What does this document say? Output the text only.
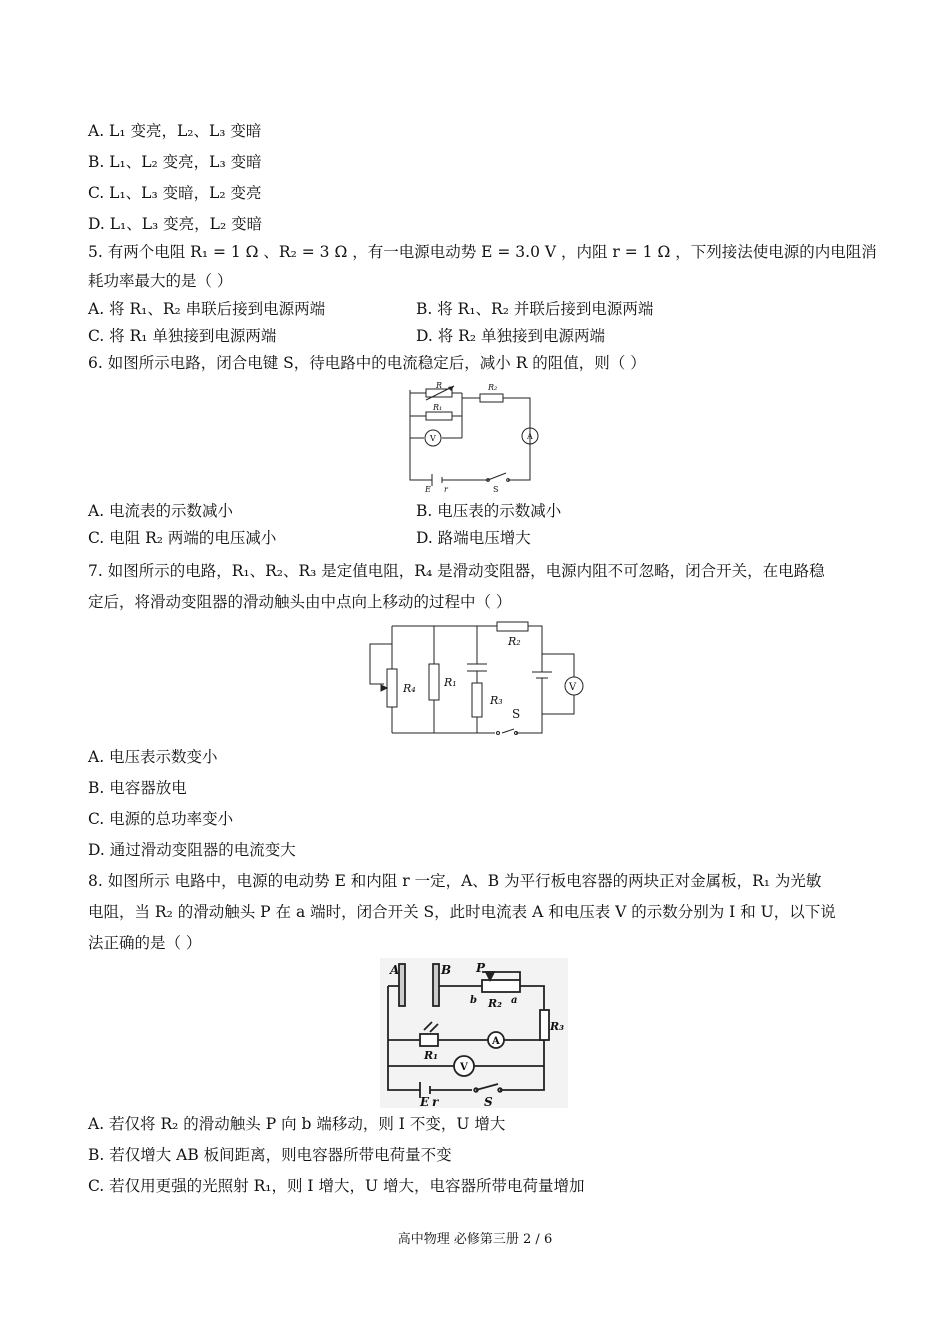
A. L₁ 变亮，L₂、L₃ 变暗
B. L₁、L₂ 变亮，L₃ 变暗
C. L₁、L₃ 变暗，L₂ 变亮
D. L₁、L₃ 变亮，L₂ 变暗
5. 有两个电阻 R₁ = 1 Ω 、R₂ = 3 Ω ，有一电源电动势 E = 3.0 V ，内阻 r = 1 Ω ，下列接法使电源的内电阻消
耗功率最大的是（ ）
A. 将 R₁、R₂ 串联后接到电源两端	B. 将 R₁、R₂ 并联后接到电源两端
C. 将 R₁ 单独接到电源两端	D. 将 R₂ 单独接到电源两端
6. 如图所示电路，闭合电键 S，待电路中的电流稳定后，减小 R 的阻值，则（ ）
R
R₁
R₂
E r
V	A
S
A. 电流表的示数减小	B. 电压表的示数减小
C. 电阻 R₂ 两端的电压减小	D. 路端电压增大
7. 如图所示的电路，R₁、R₂、R₃ 是定值电阻，R₄ 是滑动变阻器，电源内阻不可忽略，闭合开关，在电路稳
定后，将滑动变阻器的滑动触头由中点向上移动的过程中（ ）
R₄	R₁
R₂
R₃
S
V
A. 电压表示数变小
B. 电容器放电
C. 电源的总功率变小
D. 通过滑动变阻器的电流变大
8. 如图所示 电路中，电源的电动势 E 和内阻 r 一定，A、B 为平行板电容器的两块正对金属板，R₁ 为光敏
电阻，当 R₂ 的滑动触头 P 在 a 端时，闭合开关 S，此时电流表 A 和电压表 V 的示数分别为 I 和 U，以下说
法正确的是（ ）
A	B P
b R₂ a
R₃
R₁
E r	S
A
V
A. 若仅将 R₂ 的滑动触头 P 向 b 端移动，则 I 不变，U 增大
B. 若仅增大 AB 板间距离，则电容器所带电荷量不变
C. 若仅用更强的光照射 R₁，则 I 增大，U 增大，电容器所带电荷量增加
高中物理 必修第三册 2 / 6
